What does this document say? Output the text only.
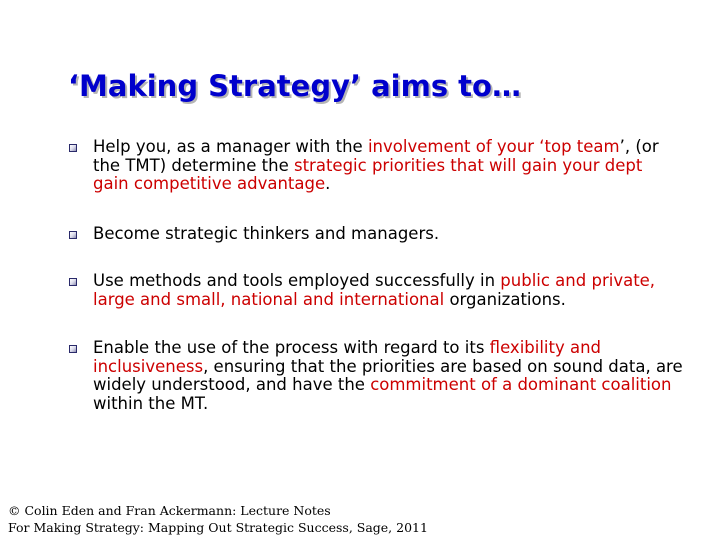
‘Making Strategy’ aims to…
Help you, as a manager with the involvement of your ‘top team’, (or the TMT) determine the strategic priorities that will gain your dept gain competitive advantage.
Become strategic thinkers and managers.
Use methods and tools employed successfully in public and private, large and small, national and international organizations.
Enable the use of the process with regard to its flexibility and inclusiveness, ensuring that the priorities are based on sound data, are widely understood, and have the commitment of a dominant coalition within the MT.
© Colin Eden and Fran Ackermann: Lecture Notes
For Making Strategy: Mapping Out Strategic Success, Sage, 2011
